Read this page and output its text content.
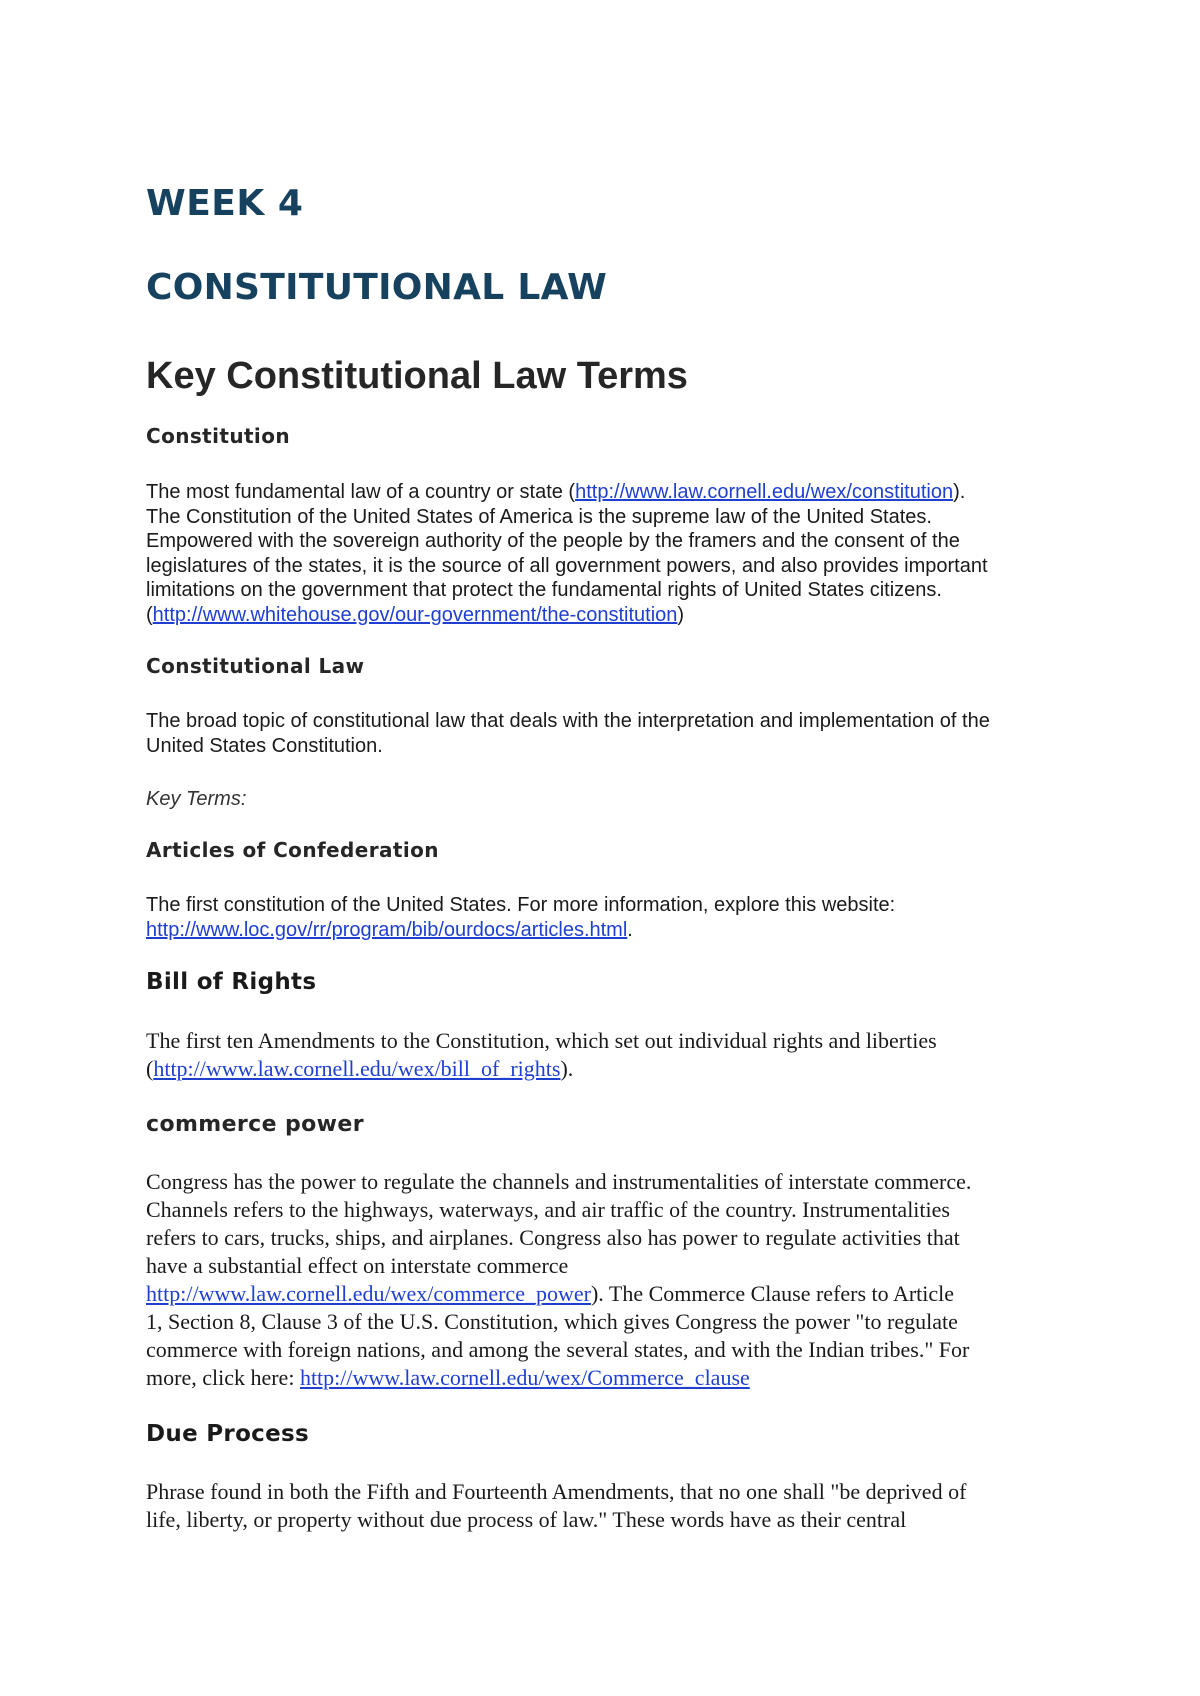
WEEK 4
CONSTITUTIONAL LAW
Key Constitutional Law Terms
Constitution
The most fundamental law of a country or state (http://www.law.cornell.edu/wex/constitution).
The Constitution of the United States of America is the supreme law of the United States.
Empowered with the sovereign authority of the people by the framers and the consent of the
legislatures of the states, it is the source of all government powers, and also provides important
limitations on the government that protect the fundamental rights of United States citizens.
(http://www.whitehouse.gov/our-government/the-constitution)
Constitutional Law
The broad topic of constitutional law that deals with the interpretation and implementation of the
United States Constitution.
Key Terms:
Articles of Confederation
The first constitution of the United States. For more information, explore this website:
http://www.loc.gov/rr/program/bib/ourdocs/articles.html.
Bill of Rights
The first ten Amendments to the Constitution, which set out individual rights and liberties
(http://www.law.cornell.edu/wex/bill_of_rights).
commerce power
Congress has the power to regulate the channels and instrumentalities of interstate commerce.
Channels refers to the highways, waterways, and air traffic of the country. Instrumentalities
refers to cars, trucks, ships, and airplanes. Congress also has power to regulate activities that
have a substantial effect on interstate commerce
http://www.law.cornell.edu/wex/commerce_power). The Commerce Clause refers to Article
1, Section 8, Clause 3 of the U.S. Constitution, which gives Congress the power "to regulate
commerce with foreign nations, and among the several states, and with the Indian tribes." For
more, click here: http://www.law.cornell.edu/wex/Commerce_clause
Due Process
Phrase found in both the Fifth and Fourteenth Amendments, that no one shall "be deprived of
life, liberty, or property without due process of law." These words have as their central
